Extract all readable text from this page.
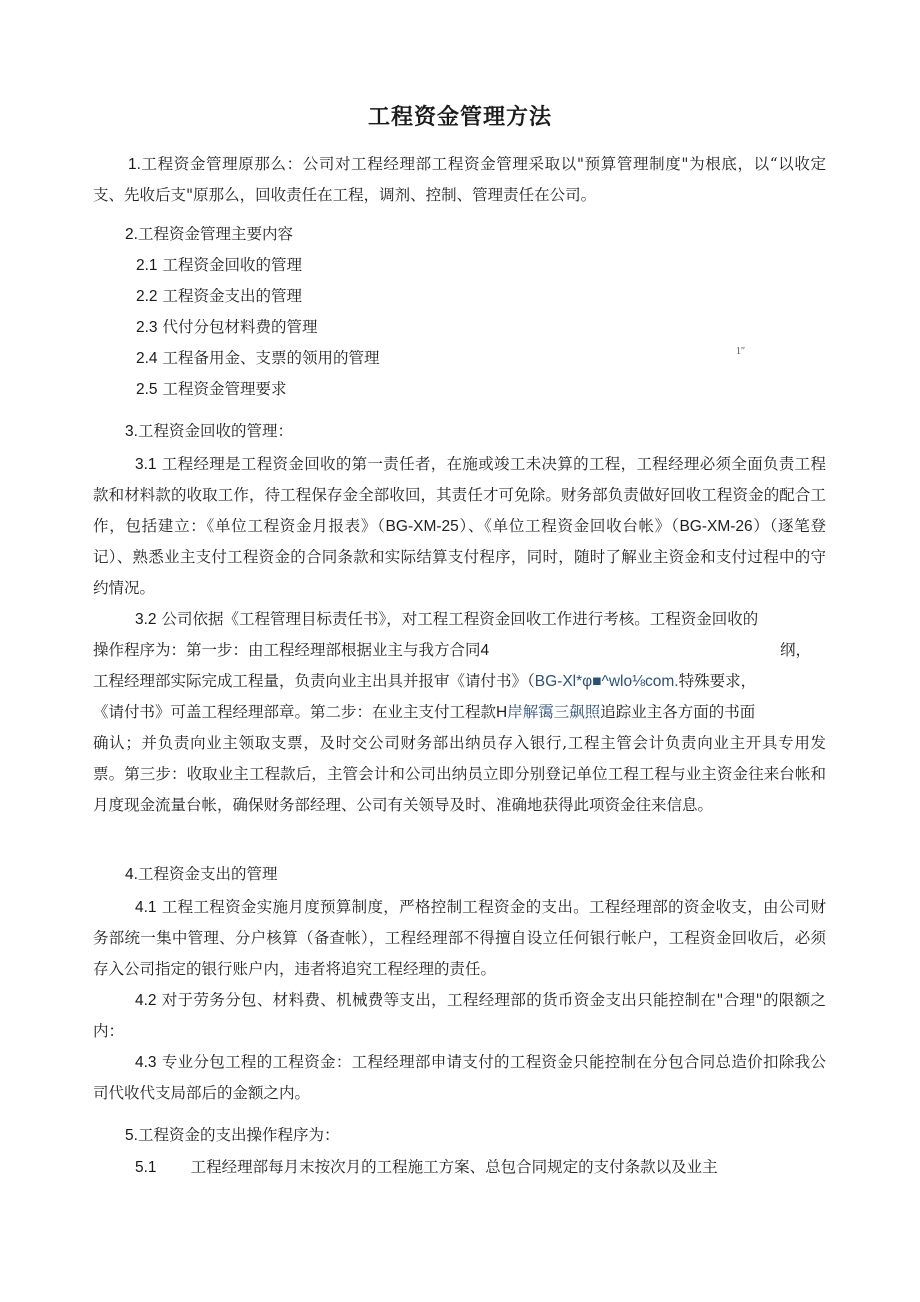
工程资金管理方法
1.工程资金管理原那么：公司对工程经理部工程资金管理采取以"预算管理制度"为根底，以“以收定支、先收后支"原那么，回收责任在工程，调剂、控制、管理责任在公司。
2.工程资金管理主要内容
2.1 工程资金回收的管理
2.2 工程资金支出的管理
2.3 代付分包材料费的管理
2.4 工程备用金、支票的领用的管理	1″
2.5 工程资金管理要求
3.工程资金回收的管理：
3.1 工程经理是工程资金回收的第一责任者，在施或竣工未决算的工程，工程经理必须全面负责工程款和材料款的收取工作，待工程保存金全部收回，其责任才可免除。财务部负责做好回收工程资金的配合工作，包括建立：《单位工程资金月报表》（BG-XM-25）、《单位工程资金回收台帐》（BG-XM-26）（逐笔登记）、熟悉业主支付工程资金的合同条款和实际结算支付程序，同时，随时了解业主资金和支付过程中的守约情况。
3.2 公司依据《工程管理目标责任书》，对工程工程资金回收工作进行考核。工程资金回收的
操作程序为：第一步：由工程经理部根据业主与我方合同4	纲，
工程经理部实际完成工程量，负责向业主出具并报审《请付书》（BG-Xl*φ■^wlo⅛com.特殊要求，
《请付书》可盖工程经理部章。第二步：在业主支付工程款H岸解霭三飙照追踪业主各方面的书面
确认；并负责向业主领取支票，及时交公司财务部出纳员存入银行,工程主管会计负责向业主开具专用发票。第三步：收取业主工程款后，主管会计和公司出纳员立即分别登记单位工程工程与业主资金往来台帐和月度现金流量台帐，确保财务部经理、公司有关领导及时、准确地获得此项资金往来信息。
4.工程资金支出的管理
4.1 工程工程资金实施月度预算制度，严格控制工程资金的支出。工程经理部的资金收支，由公司财务部统一集中管理、分户核算（备查帐），工程经理部不得擅自设立任何银行帐户，工程资金回收后，必须存入公司指定的银行账户内，违者将追究工程经理的责任。
4.2 对于劳务分包、材料费、机械费等支出，工程经理部的货币资金支出只能控制在"合理"的限额之内：
4.3 专业分包工程的工程资金：工程经理部申请支付的工程资金只能控制在分包合同总造价扣除我公司代收代支局部后的金额之内。
5.工程资金的支出操作程序为：
5.1 工程经理部每月末按次月的工程施工方案、总包合同规定的支付条款以及业主
